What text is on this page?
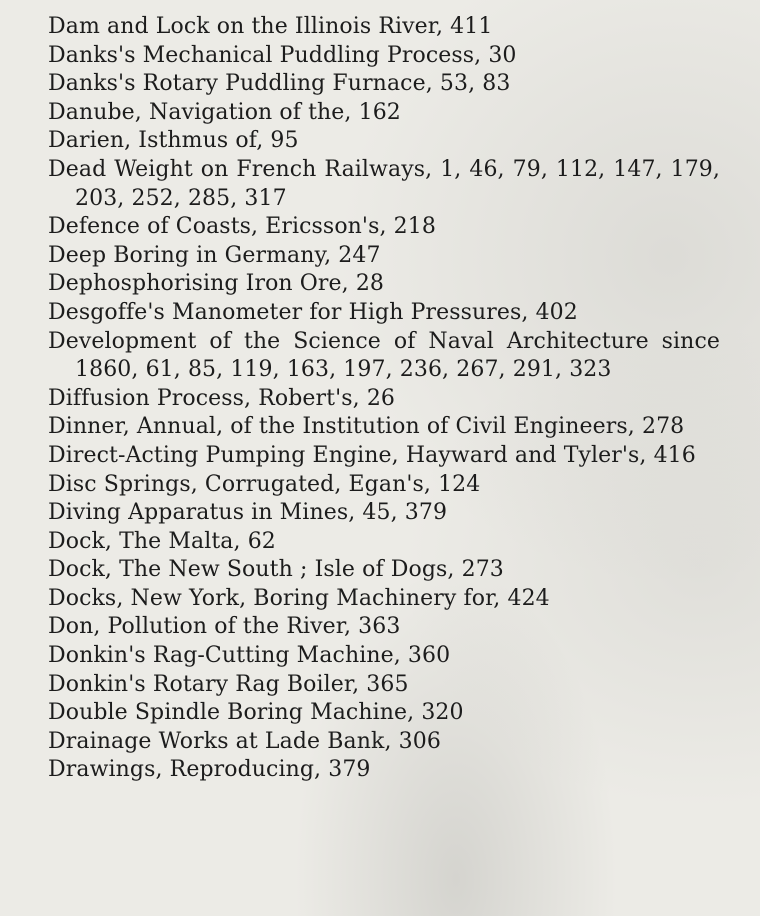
Dam and Lock on the Illinois River, 411
Danks's Mechanical Puddling Process, 30
Danks's Rotary Puddling Furnace, 53, 83
Danube, Navigation of the, 162
Darien, Isthmus of, 95
Dead Weight on French Railways, 1, 46, 79, 112, 147, 179, 203, 252, 285, 317
Defence of Coasts, Ericsson's, 218
Deep Boring in Germany, 247
Dephosphorising Iron Ore, 28
Desgoffe's Manometer for High Pressures, 402
Development of the Science of Naval Architecture since 1860, 61, 85, 119, 163, 197, 236, 267, 291, 323
Diffusion Process, Robert's, 26
Dinner, Annual, of the Institution of Civil Engineers, 278
Direct-Acting Pumping Engine, Hayward and Tyler's, 416
Disc Springs, Corrugated, Egan's, 124
Diving Apparatus in Mines, 45, 379
Dock, The Malta, 62
Dock, The New South ; Isle of Dogs, 273
Docks, New York, Boring Machinery for, 424
Don, Pollution of the River, 363
Donkin's Rag-Cutting Machine, 360
Donkin's Rotary Rag Boiler, 365
Double Spindle Boring Machine, 320
Drainage Works at Lade Bank, 306
Drawings, Reproducing, 379
